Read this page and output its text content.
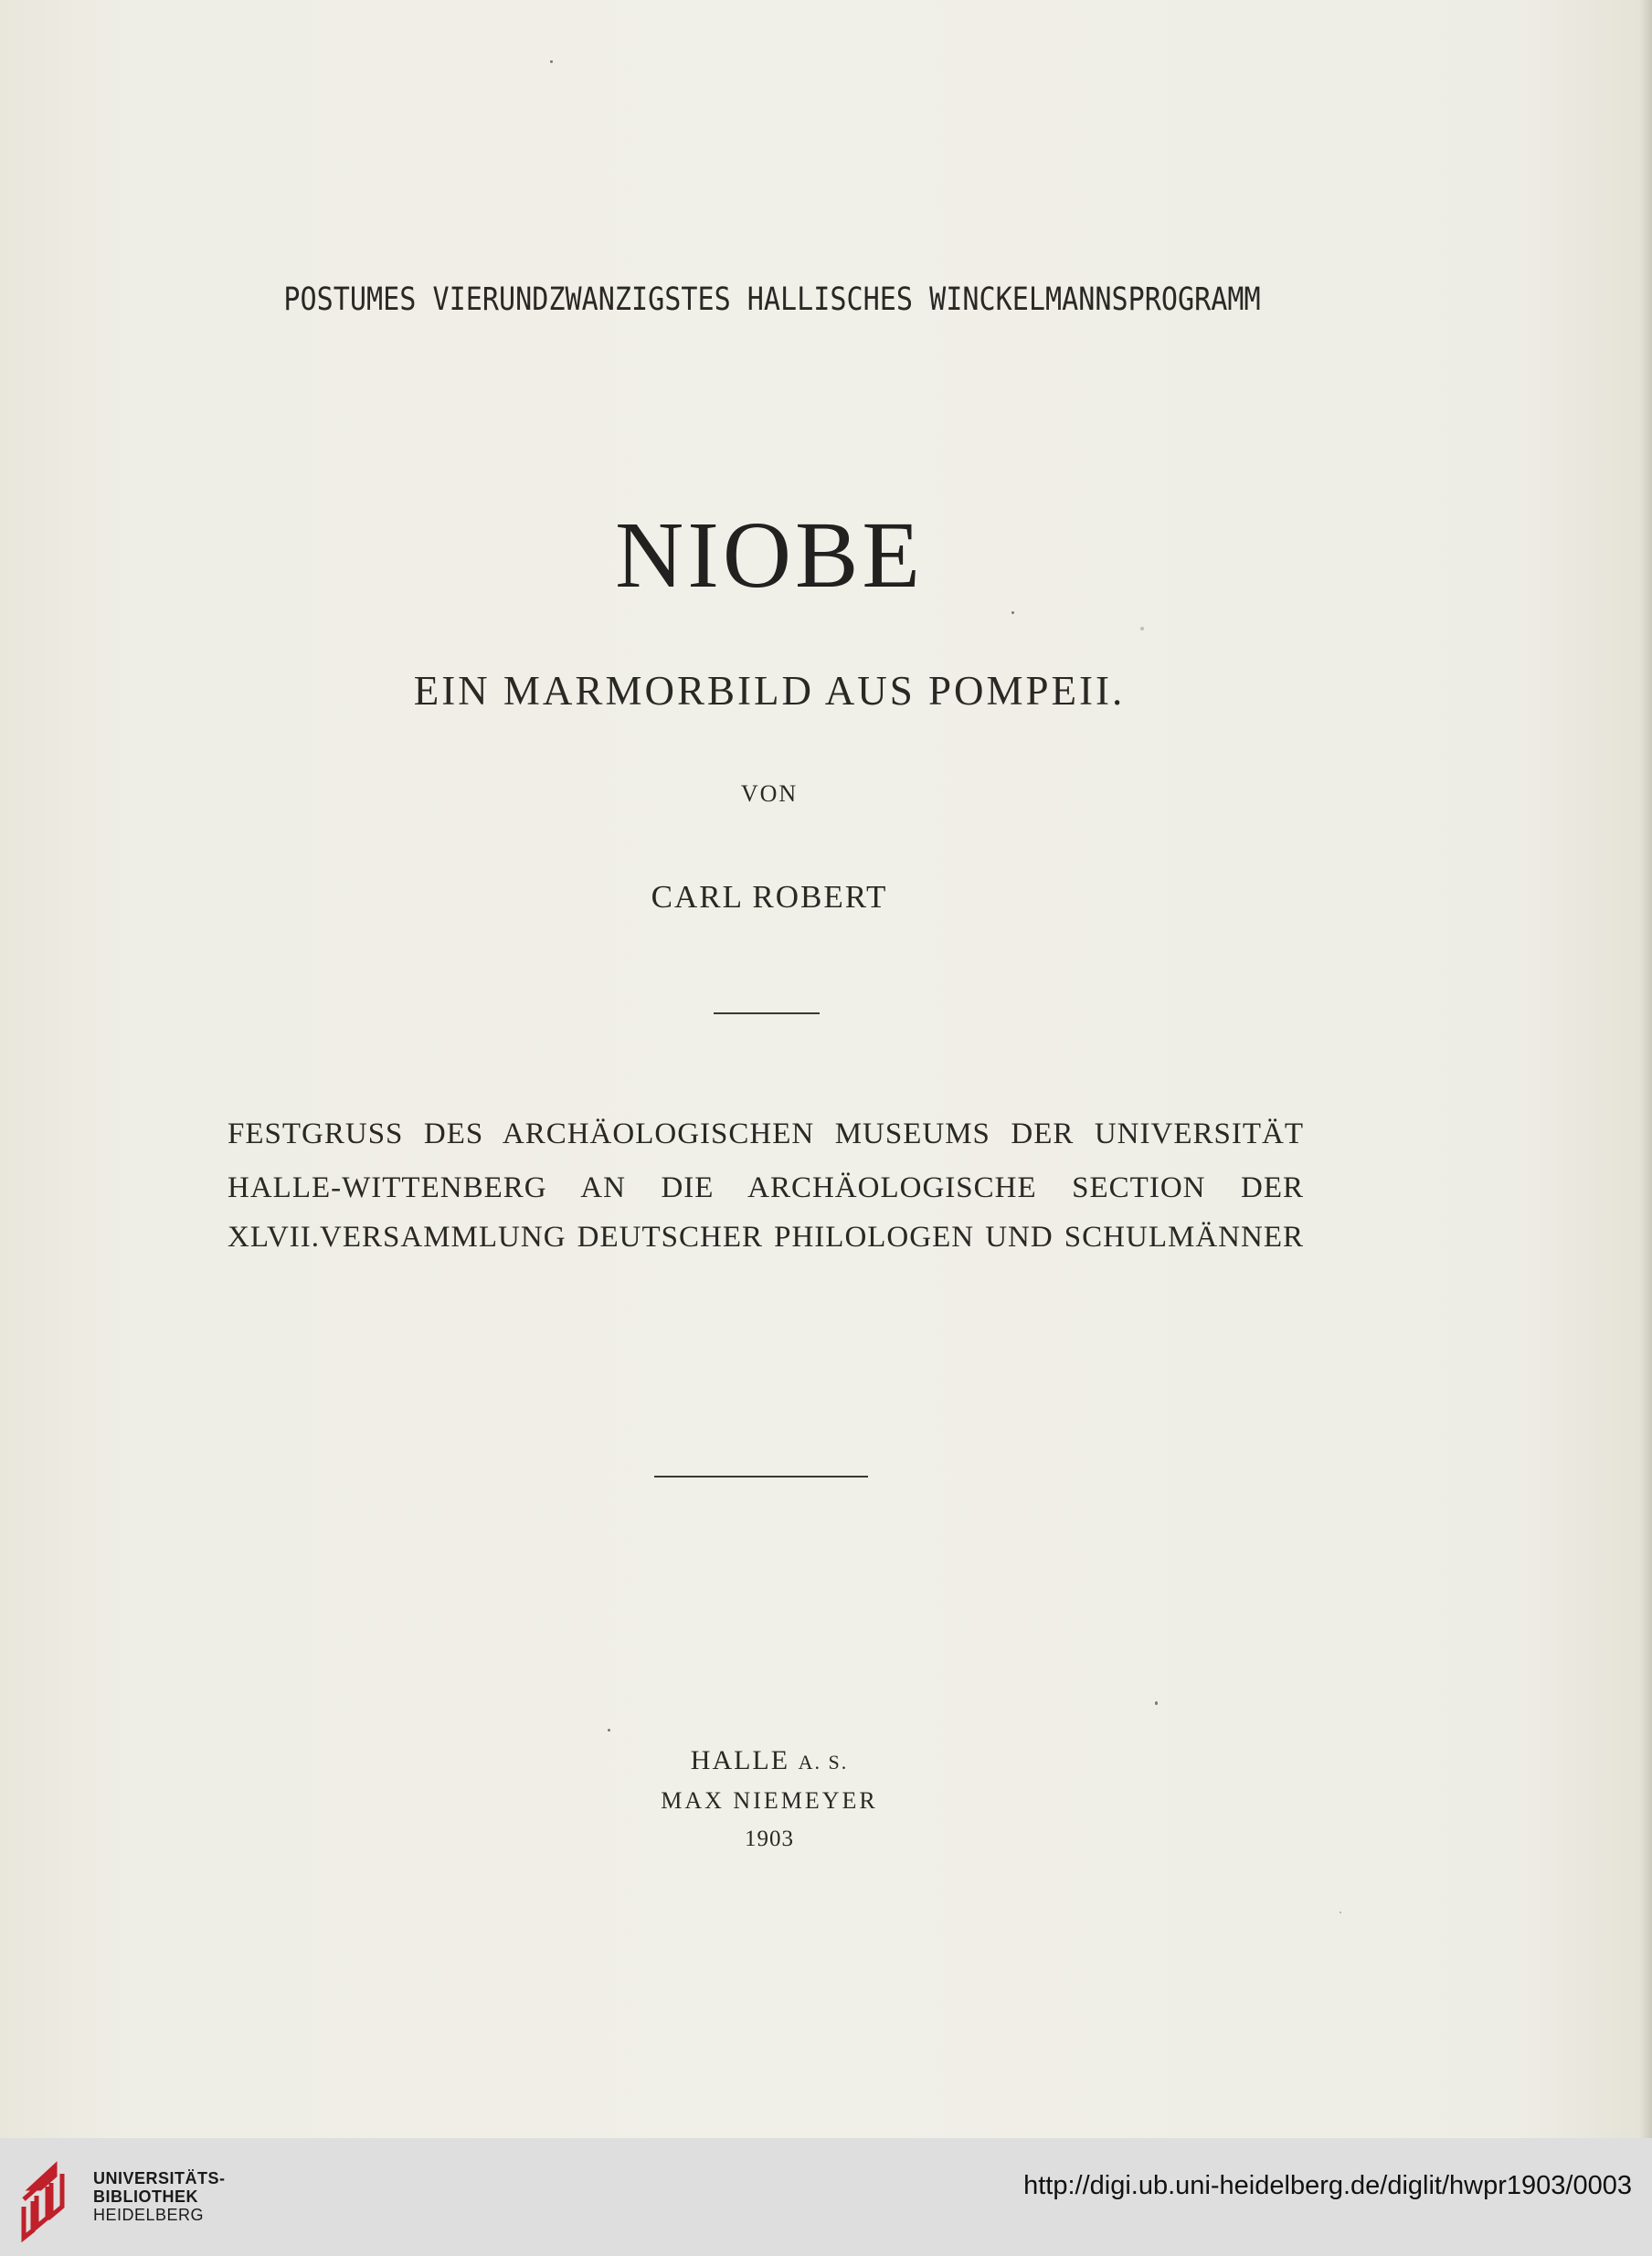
POSTUMES VIERUNDZWANZIGSTES HALLISCHES WINCKELMANNSPROGRAMM
NIOBE
EIN MARMORBILD AUS POMPEII.
VON
CARL ROBERT
FESTGRUSS DES ARCHÄOLOGISCHEN MUSEUMS DER UNIVERSITÄT
HALLE-WITTENBERG AN DIE ARCHÄOLOGISCHE SECTION DER
XLVII.VERSAMMLUNG DEUTSCHER PHILOLOGEN UND SCHULMÄNNER
HALLE A. S.
MAX NIEMEYER
1903
UNIVERSITÄTS-
BIBLIOTHEK
HEIDELBERG
http://digi.ub.uni-heidelberg.de/diglit/hwpr1903/0003
